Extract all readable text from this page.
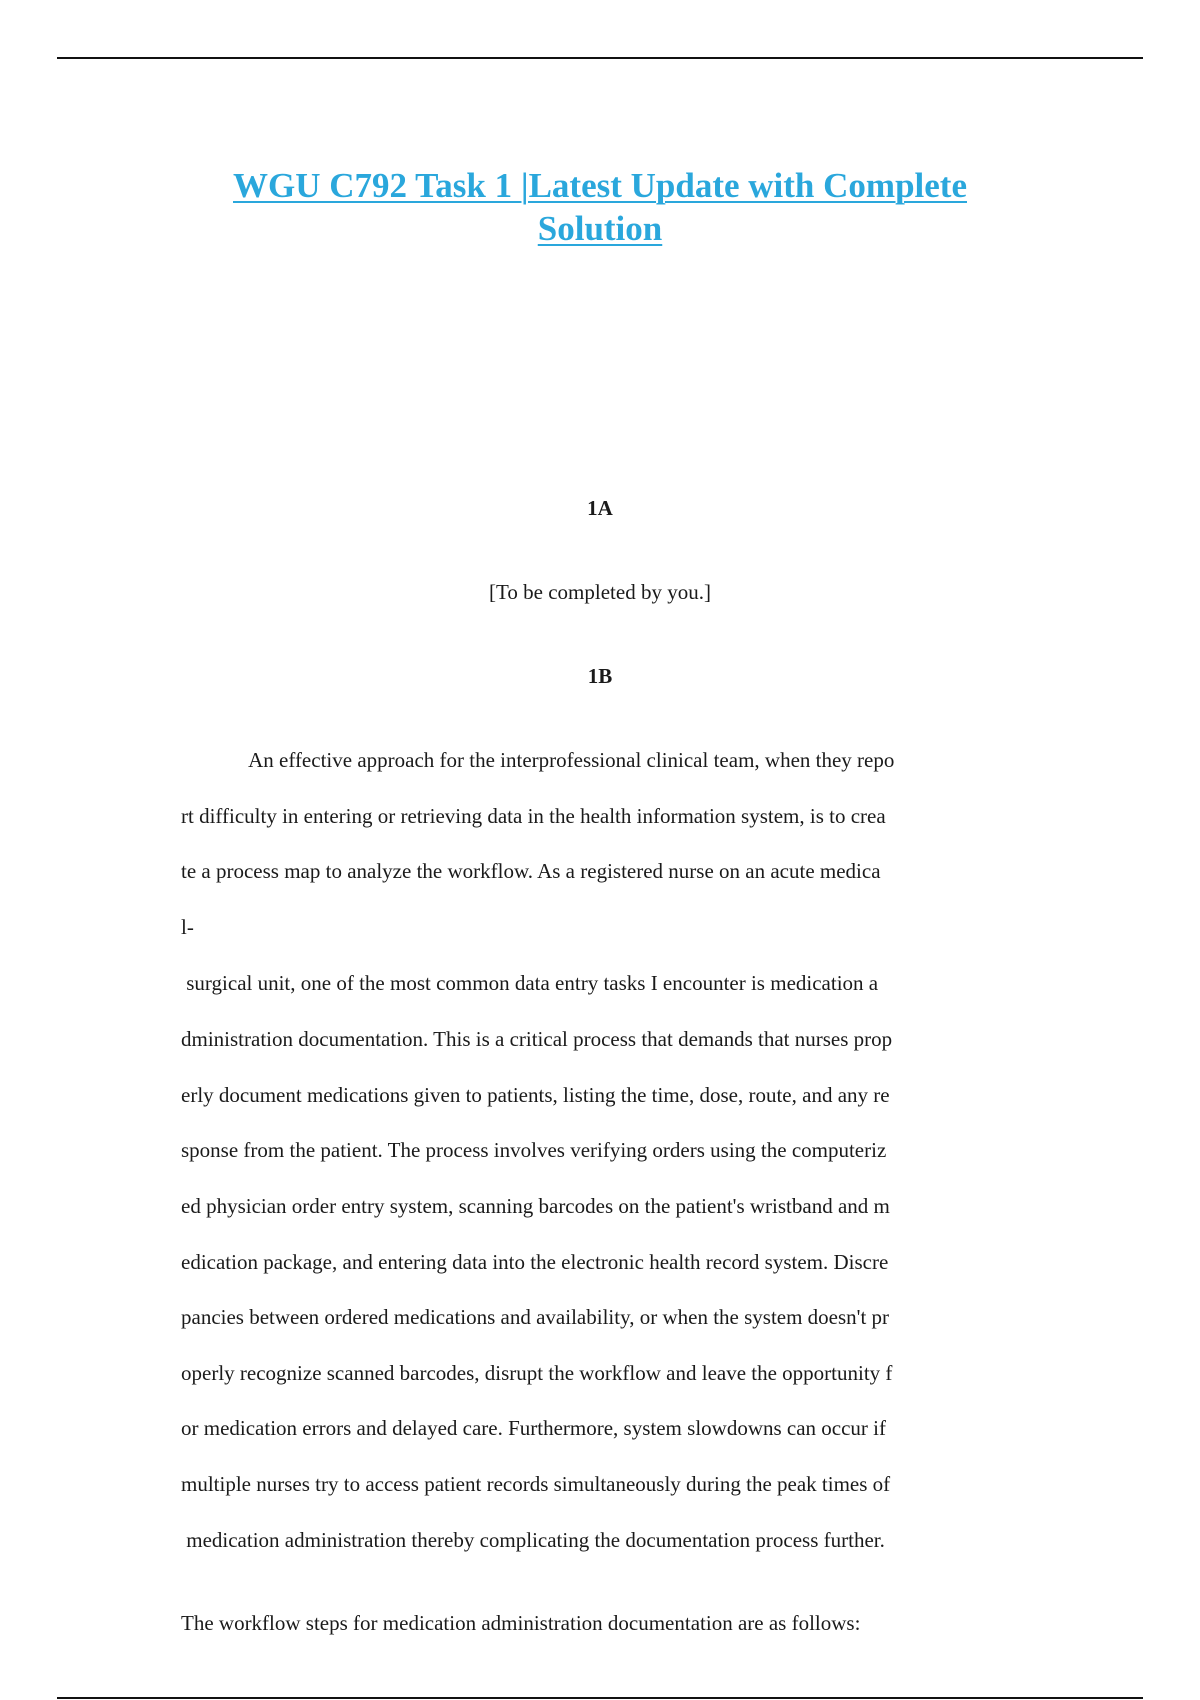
WGU C792 Task 1 |Latest Update with Complete
Solution
1A

[To be completed by you.]

1B

An effective approach for the interprofessional clinical team, when they repo

rt difficulty in entering or retrieving data in the health information system, is to crea

te a process map to analyze the workflow. As a registered nurse on an acute medica

l-

surgical unit, one of the most common data entry tasks I encounter is medication a

dministration documentation. This is a critical process that demands that nurses prop

erly document medications given to patients, listing the time, dose, route, and any re

sponse from the patient. The process involves verifying orders using the computeriz

ed physician order entry system, scanning barcodes on the patient's wristband and m

edication package, and entering data into the electronic health record system. Discre

pancies between ordered medications and availability, or when the system doesn't pr

operly recognize scanned barcodes, disrupt the workflow and leave the opportunity f

or medication errors and delayed care. Furthermore, system slowdowns can occur if

multiple nurses try to access patient records simultaneously during the peak times of

medication administration thereby complicating the documentation process further.

The workflow steps for medication administration documentation are as follows:
